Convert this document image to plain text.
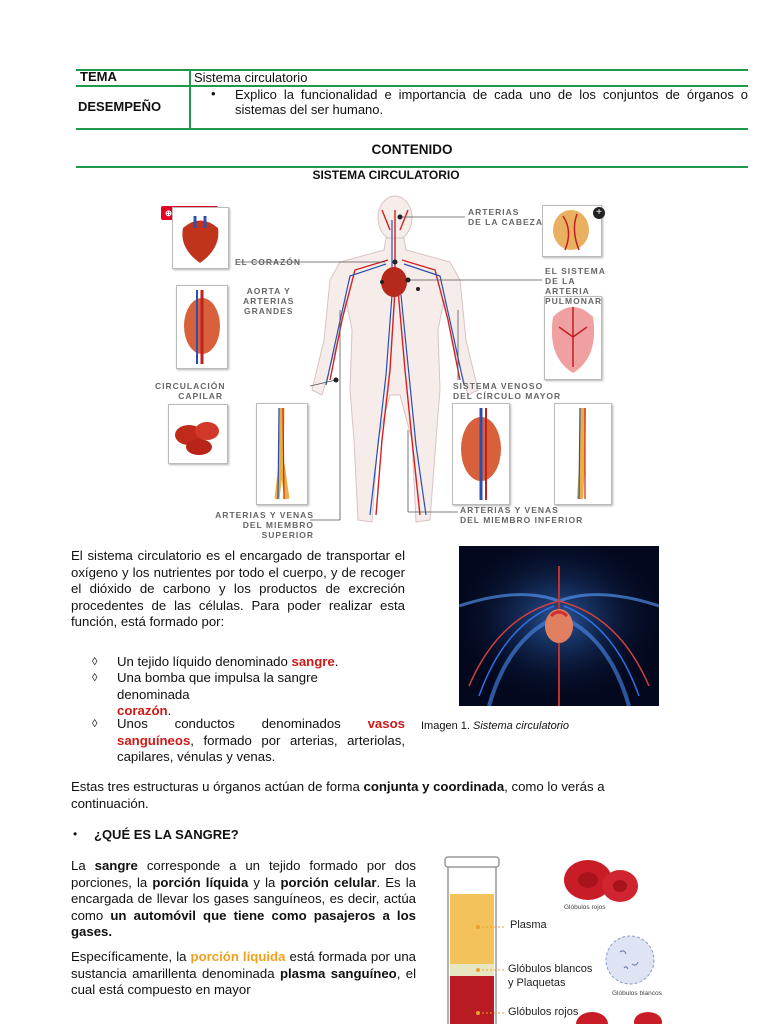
TEMA	Sistema circulatorio
DESEMPEÑO
• Explico la funcionalidad e importancia de cada uno de los conjuntos de órganos o sistemas del ser humano.
CONTENIDO
SISTEMA CIRCULATORIO
⊕	+
EL CORAZÓN
AORTA Y
ARTERIAS
GRANDES
CIRCULACIÓN
CAPILAR
ARTERIAS Y VENAS
DEL MIEMBRO SUPERIOR
ARTERIAS
DE LA CABEZA
EL SISTEMA
DE LA ARTERIA
PULMONAR
SISTEMA VENOSO
DEL CÍRCULO MAYOR
ARTERIAS Y VENAS
DEL MIEMBRO INFERIOR
El sistema circulatorio es el encargado de transportar el oxígeno y los nutrientes por todo el cuerpo, y de recoger el dióxido de carbono y los productos de excreción procedentes de las células. Para poder realizar esta función, está formado por:
Imagen 1. Sistema circulatorio
◊ Un tejido líquido denominado sangre.
◊ Una bomba que impulsa la sangre denominada
corazón.
◊ Unos conductos denominados vasos sanguíneos, formado por arterias, arteriolas, capilares, vénulas y venas.
Estas tres estructuras u órganos actúan de forma conjunta y coordinada, como lo verás a continuación.
• ¿QUÉ ES LA SANGRE?
La sangre corresponde a un tejido formado por dos porciones, la porción líquida y la porción celular. Es la encargada de llevar los gases sanguíneos, es decir, actúa como un automóvil que tiene como pasajeros a los gases.
Específicamente, la porción líquida está formada por una sustancia amarillenta denominada plasma sanguíneo, el cual está compuesto en mayor
Plasma
Glóbulos blancos
y Plaquetas
Glóbulos rojos
Glóbulos rojos
Glóbulos blancos
